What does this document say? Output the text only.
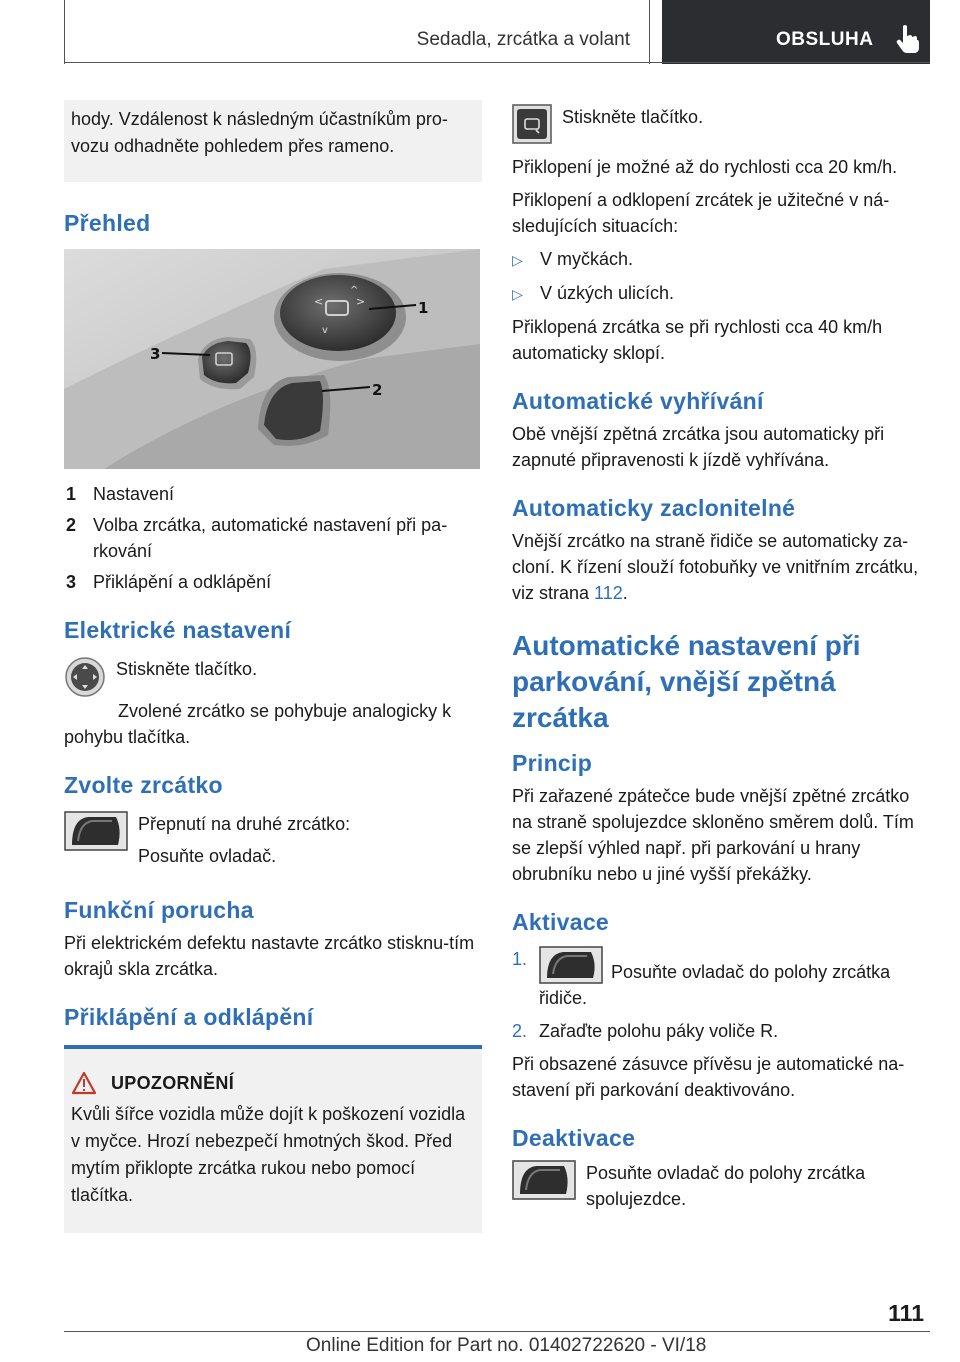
Sedadla, zrcátka a volant	OBSLUHA
hody. Vzdálenost k následným účastníkům pro-vozu odhadněte pohledem přes rameno.
Přehled
<	>
v
^
1
3
2
1 Nastavení
2 Volba zrcátka, automatické nastavení při pa-rkování
3 Přiklápění a odklápění
Elektrické nastavení

Stiskněte tlačítko.

Zvolené zrcátko se pohybuje analogicky k pohybu tlačítka.

Zvolte zrcátko

Přepnutí na druhé zrcátko:

Posuňte ovladač.

Funkční porucha

Při elektrickém defektu nastavte zrcátko stisknu-tím okrajů skla zrcátka.

Přiklápění a odklápění
UPOZORNĚNÍ
Kvůli šířce vozidla může dojít k poškození vozidla v myčce. Hrozí nebezpečí hmotných škod. Před mytím přiklopte zrcátka rukou nebo pomocí tlačítka.

Stiskněte tlačítko.

Přiklopení je možné až do rychlosti cca 20 km/h.

Přiklopení a odklopení zrcátek je užitečné v ná-sledujících situacích:

▷ V myčkách.
▷ V úzkých ulicích.

Přiklopená zrcátka se při rychlosti cca 40 km/h automaticky sklopí.

Automatické vyhřívání

Obě vnější zpětná zrcátka jsou automaticky při zapnuté připravenosti k jízdě vyhřívána.

Automaticky zaclonitelné

Vnější zrcátko na straně řidiče se automaticky za-cloní. K řízení slouží fotobuňky ve vnitřním zrcátku, viz strana 112.

Automatické nastavení při parkování, vnější zpětná zrcátka
Princip

Při zařazené zpátečce bude vnější zpětné zrcátko na straně spolujezdce skloněno směrem dolů. Tím se zlepší výhled např. při parkování u hrany obrubníku nebo u jiné vyšší překážky.

Aktivace
1.
Posuňte ovladač do polohy zrcátka řidiče.
2. Zařaďte polohu páky voliče R.

Při obsazené zásuvce přívěsu je automatické na-stavení při parkování deaktivováno.

Deaktivace

Posuňte ovladač do polohy zrcátka spolujezdce.

111
Online Edition for Part no. 01402722620 - VI/18
